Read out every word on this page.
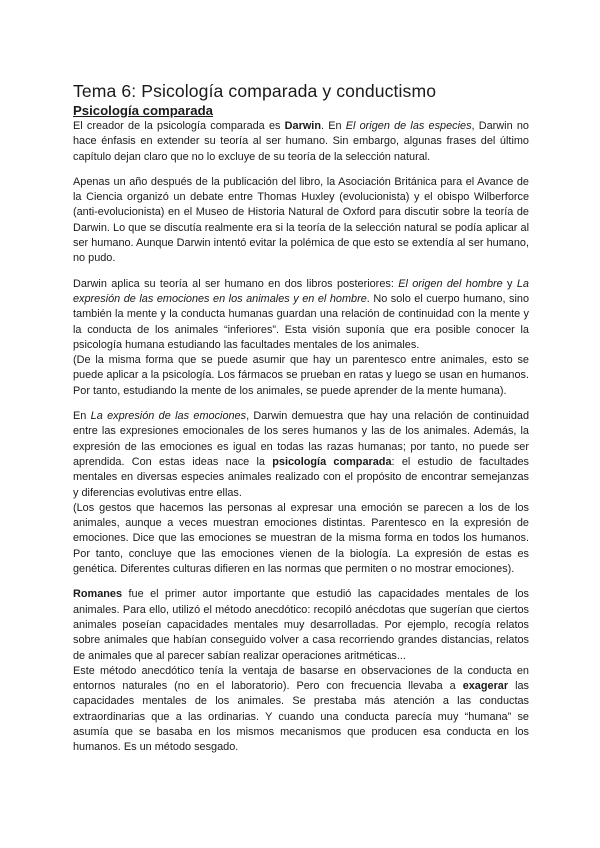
Tema 6: Psicología comparada y conductismo
Psicología comparada

El creador de la psicología comparada es Darwin. En El origen de las especies, Darwin no hace énfasis en extender su teoría al ser humano. Sin embargo, algunas frases del último capítulo dejan claro que no lo excluye de su teoría de la selección natural.

Apenas un año después de la publicación del libro, la Asociación Británica para el Avance de la Ciencia organizó un debate entre Thomas Huxley (evolucionista) y el obispo Wilberforce (anti-evolucionista) en el Museo de Historia Natural de Oxford para discutir sobre la teoría de Darwin. Lo que se discutía realmente era si la teoría de la selección natural se podía aplicar al ser humano. Aunque Darwin intentó evitar la polémica de que esto se extendía al ser humano, no pudo.

Darwin aplica su teoría al ser humano en dos libros posteriores: El origen del hombre y La expresión de las emociones en los animales y en el hombre. No solo el cuerpo humano, sino también la mente y la conducta humanas guardan una relación de continuidad con la mente y la conducta de los animales “inferiores”. Esta visión suponía que era posible conocer la psicología humana estudiando las facultades mentales de los animales.

(De la misma forma que se puede asumir que hay un parentesco entre animales, esto se puede aplicar a la psicología. Los fármacos se prueban en ratas y luego se usan en humanos. Por tanto, estudiando la mente de los animales, se puede aprender de la mente humana).

En La expresión de las emociones, Darwin demuestra que hay una relación de continuidad entre las expresiones emocionales de los seres humanos y las de los animales. Además, la expresión de las emociones es igual en todas las razas humanas; por tanto, no puede ser aprendida. Con estas ideas nace la psicología comparada: el estudio de facultades mentales en diversas especies animales realizado con el propósito de encontrar semejanzas y diferencias evolutivas entre ellas.

(Los gestos que hacemos las personas al expresar una emoción se parecen a los de los animales, aunque a veces muestran emociones distintas. Parentesco en la expresión de emociones. Dice que las emociones se muestran de la misma forma en todos los humanos. Por tanto, concluye que las emociones vienen de la biología. La expresión de estas es genética. Diferentes culturas difieren en las normas que permiten o no mostrar emociones).

Romanes fue el primer autor importante que estudió las capacidades mentales de los animales. Para ello, utilizó el método anecdótico: recopiló anécdotas que sugerían que ciertos animales poseían capacidades mentales muy desarrolladas. Por ejemplo, recogía relatos sobre animales que habían conseguido volver a casa recorriendo grandes distancias, relatos de animales que al parecer sabían realizar operaciones aritméticas...

Este método anecdótico tenía la ventaja de basarse en observaciones de la conducta en entornos naturales (no en el laboratorio). Pero con frecuencia llevaba a exagerar las capacidades mentales de los animales. Se prestaba más atención a las conductas extraordinarias que a las ordinarias. Y cuando una conducta parecía muy “humana” se asumía que se basaba en los mismos mecanismos que producen esa conducta en los humanos. Es un método sesgado.
